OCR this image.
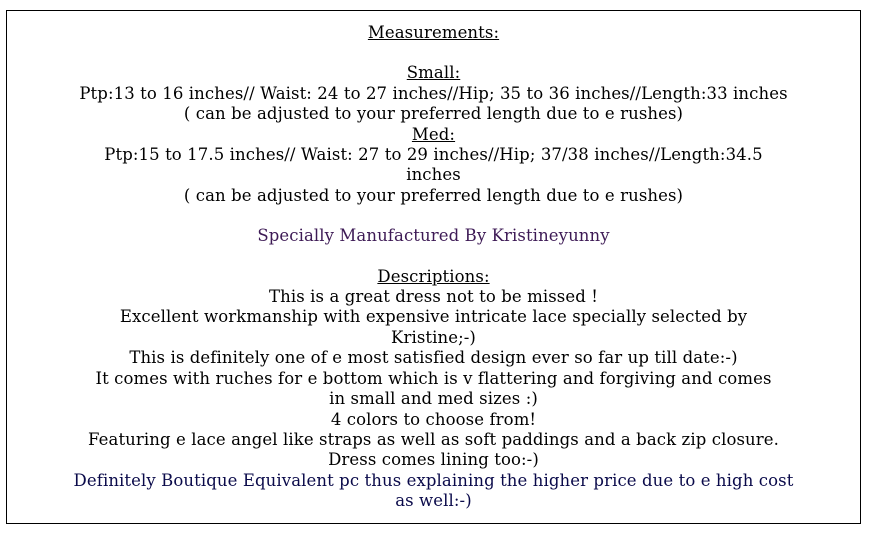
Measurements:
Small:
Ptp:13 to 16 inches// Waist: 24 to 27 inches//Hip; 35 to 36 inches//Length:33 inches
( can be adjusted to your preferred length due to e rushes)
Med:
Ptp:15 to 17.5 inches// Waist: 27 to 29 inches//Hip; 37/38 inches//Length:34.5
inches
( can be adjusted to your preferred length due to e rushes)
Specially Manufactured By Kristineyunny
Descriptions:
This is a great dress not to be missed !
Excellent workmanship with expensive intricate lace specially selected by
Kristine;-)
This is definitely one of e most satisfied design ever so far up till date:-)
It comes with ruches for e bottom which is v flattering and forgiving and comes
in small and med sizes :)
4 colors to choose from!
Featuring e lace angel like straps as well as soft paddings and a back zip closure.
Dress comes lining too:-)
Definitely Boutique Equivalent pc thus explaining the higher price due to e high cost
as well:-)
